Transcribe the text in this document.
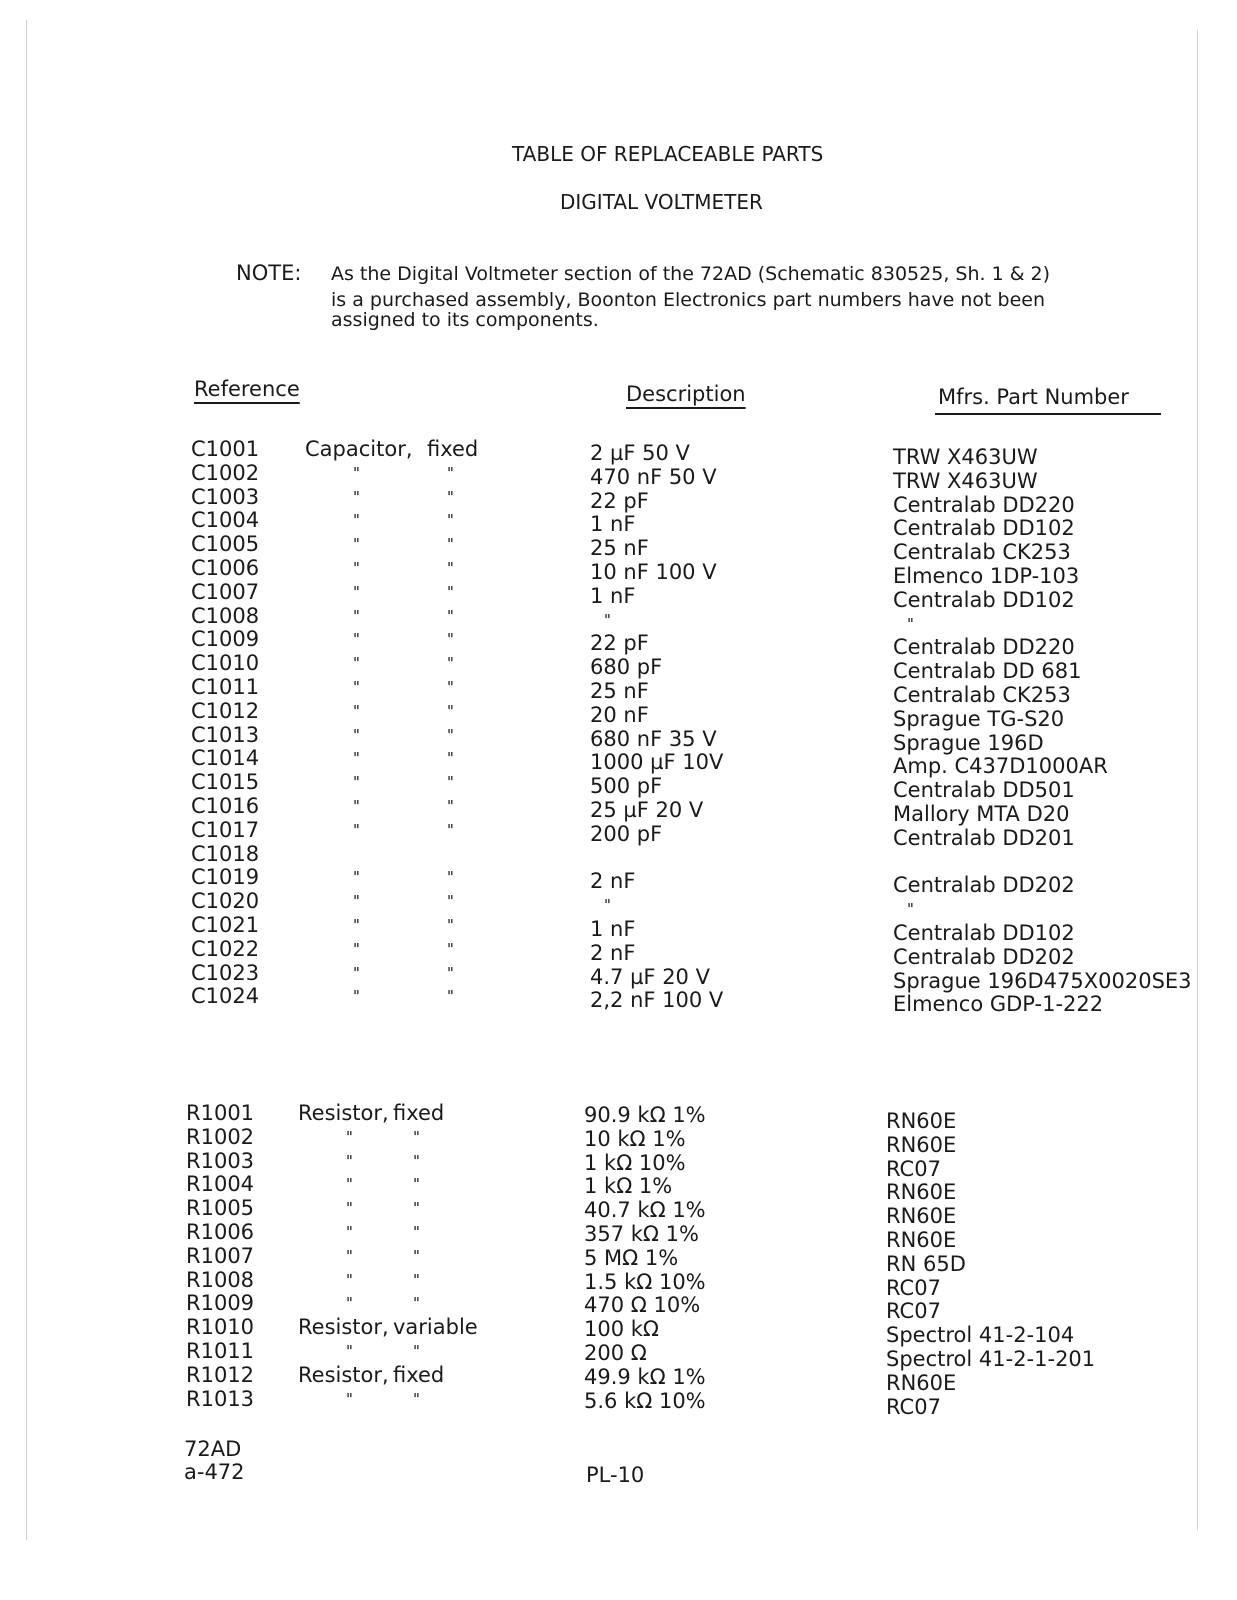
TABLE OF REPLACEABLE PARTS
DIGITAL VOLTMETER
NOTE: As the Digital Voltmeter section of the 72AD (Schematic 830525, Sh. 1 & 2)
is a purchased assembly, Boonton Electronics part numbers have not been
assigned to its components.
Reference	Description	Mfrs. Part Number
C1001 Capacitor, fixed	2 µF 50 V	TRW X463UW
C1002	"	"	470 nF 50 V	TRW X463UW
C1003	"	"	22 pF	Centralab DD220
C1004	"	"	1 nF	Centralab DD102
C1005	"	"	25 nF	Centralab CK253
C1006	"	"	10 nF 100 V	Elmenco 1DP-103
C1007	"	"	1 nF	Centralab DD102
C1008	"	"	"	"
C1009	"	"	22 pF	Centralab DD220
C1010	"	"	680 pF	Centralab DD 681
C1011	"	"	25 nF	Centralab CK253
C1012	"	"	20 nF	Sprague TG-S20
C1013	"	"	680 nF 35 V	Sprague 196D
C1014	"	"	1000 µF 10V	Amp. C437D1000AR
C1015	"	"	500 pF	Centralab DD501
C1016	"	"	25 µF 20 V	Mallory MTA D20
C1017	"	"	200 pF	Centralab DD201
C1018
C1019	"	"	2 nF	Centralab DD202
C1020	"	"	"	"
C1021	"	"	1 nF	Centralab DD102
C1022	"	"	2 nF	Centralab DD202
C1023	"	"	4.7 µF 20 V	Sprague 196D475X0020SE3
C1024	"	"	2,2 nF 100 V	Elmenco GDP-1-222
R1001 Resistor, fixed	90.9 kΩ 1%	RN60E
R1002	"	"	10 kΩ 1%	RN60E
R1003	"	"	1 kΩ 10%	RC07
R1004	"	"	1 kΩ 1%	RN60E
R1005	"	"	40.7 kΩ 1%	RN60E
R1006	"	"	357 kΩ 1%	RN60E
R1007	"	"	5 MΩ 1%	RN 65D
R1008	"	"	1.5 kΩ 10%	RC07
R1009	"	"	470 Ω 10%	RC07
R1010 Resistor, variable	100 kΩ	Spectrol 41-2-104
R1011	"	"	200 Ω	Spectrol 41-2-1-201
R1012 Resistor, fixed	49.9 kΩ 1%	RN60E
R1013	"	"	5.6 kΩ 10%	RC07
72AD
a-472	PL-10
